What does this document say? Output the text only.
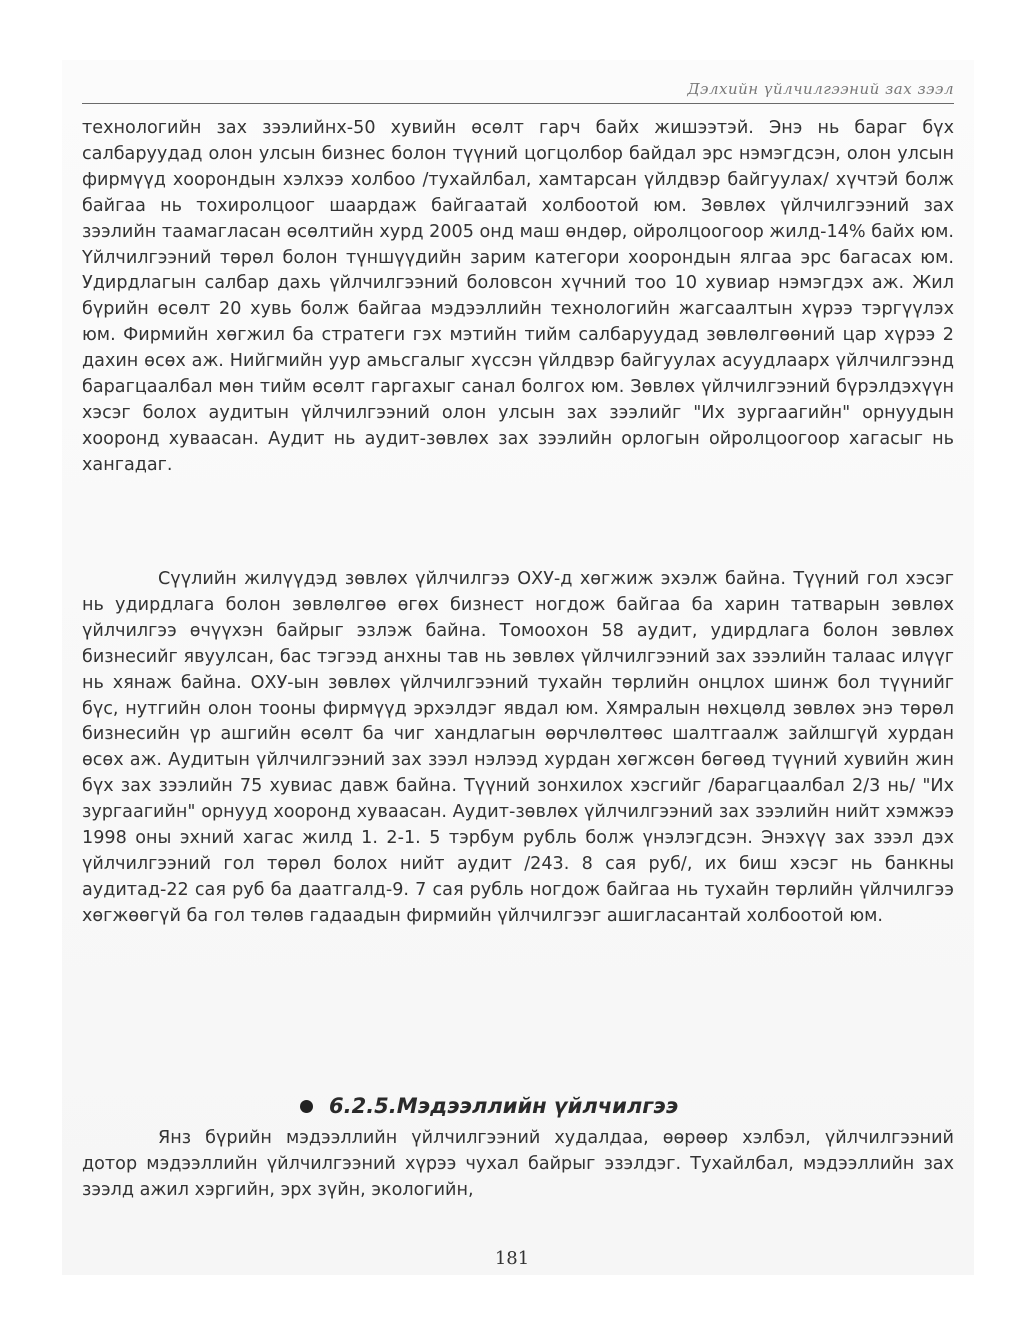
Дэлхийн үйлчилгээний зах зээл

технологийн зах зээлийнх-50 хувийн өсөлт гарч байх жишээтэй. Энэ нь бараг бүх салбаруудад олон улсын бизнес болон түүний цогцолбор байдал эрс нэмэгдсэн, олон улсын фирмүүд хоорондын хэлхээ холбоо /тухайлбал, хамтарсан үйлдвэр байгуулах/ хүчтэй болж байгаа нь тохиролцоог шаардаж байгаатай холбоотой юм. Зөвлөх үйлчилгээний зах зээлийн таамагласан өсөлтийн хурд 2005 онд маш өндөр, ойролцоогоор жилд-14% байх юм. Үйлчилгээний төрөл болон түншүүдийн зарим категори хоорондын ялгаа эрс багасах юм. Удирдлагын салбар дахь үйлчилгээний боловсон хүчний тоо 10 хувиар нэмэгдэх аж. Жил бүрийн өсөлт 20 хувь болж байгаа мэдээллийн технологийн жагсаалтын хүрээ тэргүүлэх юм. Фирмийн хөгжил ба стратеги гэх мэтийн тийм салбаруудад зөвлөлгөөний цар хүрээ 2 дахин өсөх аж. Нийгмийн уур амьсгалыг хүссэн үйлдвэр байгуулах асуудлаарх үйлчилгээнд барагцаалбал мөн тийм өсөлт гаргахыг санал болгох юм. Зөвлөх үйлчилгээний бүрэлдэхүүн хэсэг болох аудитын үйлчилгээний олон улсын зах зээлийг "Их зургаагийн" орнуудын хооронд хуваасан. Аудит нь аудит-зөвлөх зах зээлийн орлогын ойролцоогоор хагасыг нь хангадаг.

Сүүлийн жилүүдэд зөвлөх үйлчилгээ ОХУ-д хөгжиж эхэлж байна. Түүний гол хэсэг нь удирдлага болон зөвлөлгөө өгөх бизнест ногдож байгаа ба харин татварын зөвлөх үйлчилгээ өчүүхэн байрыг эзлэж байна. Томоохон 58 аудит, удирдлага болон зөвлөх бизнесийг явуулсан, бас тэгээд анхны тав нь зөвлөх үйлчилгээний зах зээлийн талаас илүүг нь хянаж байна. ОХУ-ын зөвлөх үйлчилгээний тухайн төрлийн онцлох шинж бол түүнийг бүс, нутгийн олон тооны фирмүүд эрхэлдэг явдал юм. Хямралын нөхцөлд зөвлөх энэ төрөл бизнесийн үр ашгийн өсөлт ба чиг хандлагын өөрчлөлтөөс шалтгаалж зайлшгүй хурдан өсөх аж. Аудитын үйлчилгээний зах зээл нэлээд хурдан хөгжсөн бөгөөд түүний хувийн жин бүх зах зээлийн 75 хувиас давж байна. Түүний зонхилох хэсгийг /барагцаалбал 2/3 нь/ "Их зургаагийн" орнууд хооронд хуваасан. Аудит-зөвлөх үйлчилгээний зах зээлийн нийт хэмжээ 1998 оны эхний хагас жилд 1. 2-1. 5 тэрбум рубль болж үнэлэгдсэн. Энэхүү зах зээл дэх үйлчилгээний гол төрөл болох нийт аудит /243. 8 сая руб/, их биш хэсэг нь банкны аудитад-22 сая руб ба даатгалд-9. 7 сая рубль ногдож байгаа нь тухайн төрлийн үйлчилгээ хөгжөөгүй ба гол төлөв гадаадын фирмийн үйлчилгээг ашигласантай холбоотой юм.

6.2.5.Мэдээллийн үйлчилгээ

Янз бүрийн мэдээллийн үйлчилгээний худалдаа, өөрөөр хэлбэл, үйлчилгээний дотор мэдээллийн үйлчилгээний хүрээ чухал байрыг эзэлдэг. Тухайлбал, мэдээллийн зах зээлд ажил хэргийн, эрх зүйн, экологийн,

181
